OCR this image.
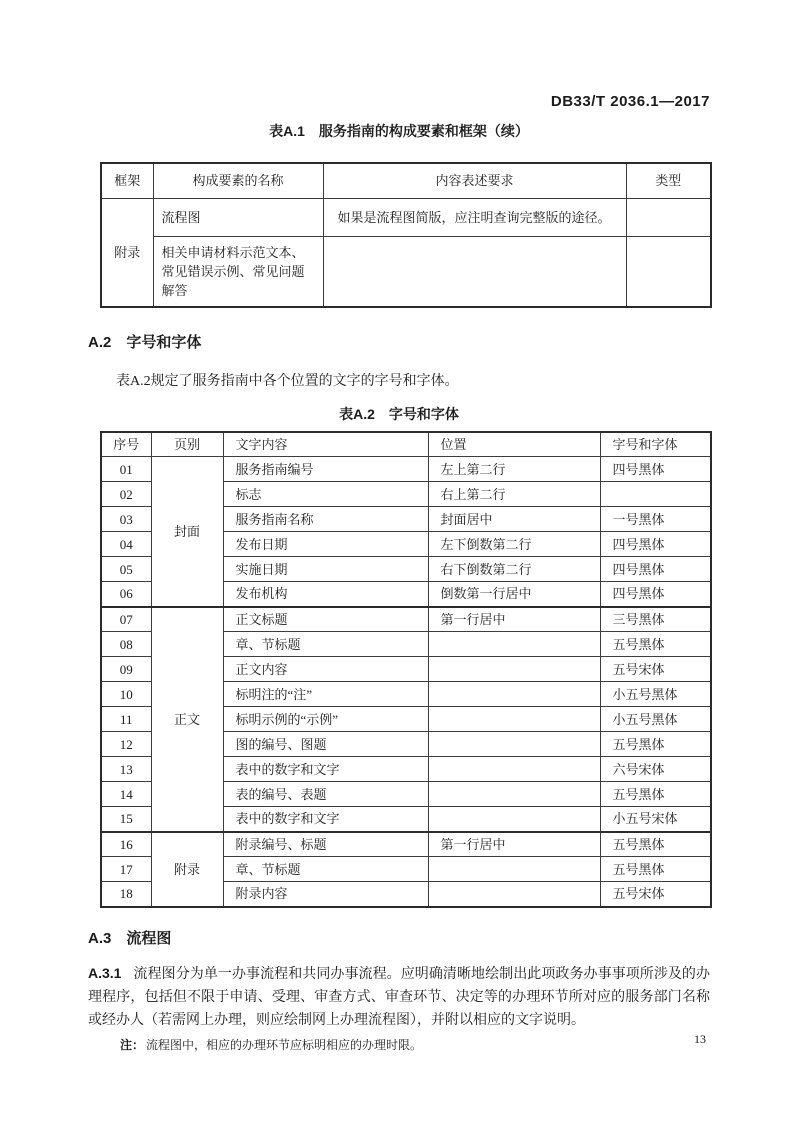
DB33/T 2036.1—2017
表A.1　服务指南的构成要素和框架（续）
框架	构成要素的名称	内容表述要求	类型
附录	流程图	如果是流程图简版，应注明查询完整版的途径。	
	相关申请材料示范文本、常见错误示例、常见问题解答		
A.2　字号和字体

表A.2规定了服务指南中各个位置的文字的字号和字体。

表A.2　字号和字体
序号	页别	文字内容	位置	字号和字体
01	封面	服务指南编号	左上第二行	四号黑体
02		标志	右上第二行	
03		服务指南名称	封面居中	一号黑体
04		发布日期	左下倒数第二行	四号黑体
05		实施日期	右下倒数第二行	四号黑体
06		发布机构	倒数第一行居中	四号黑体
07	正文	正文标题	第一行居中	三号黑体
08		章、节标题		五号黑体
09		正文内容		五号宋体
10		标明注的“注”		小五号黑体
11		标明示例的“示例”		小五号黑体
12		图的编号、图题		五号黑体
13		表中的数字和文字		六号宋体
14		表的编号、表题		五号黑体
15		表中的数字和文字		小五号宋体
16	附录	附录编号、标题	第一行居中	五号黑体
17		章、节标题		五号黑体
18		附录内容		五号宋体
A.3　流程图

A.3.1 流程图分为单一办事流程和共同办事流程。应明确清晰地绘制出此项政务办事事项所涉及的办理程序，包括但不限于申请、受理、审查方式、审查环节、决定等的办理环节所对应的服务部门名称或经办人（若需网上办理，则应绘制网上办理流程图），并附以相应的文字说明。

注： 流程图中，相应的办理环节应标明相应的办理时限。	13
